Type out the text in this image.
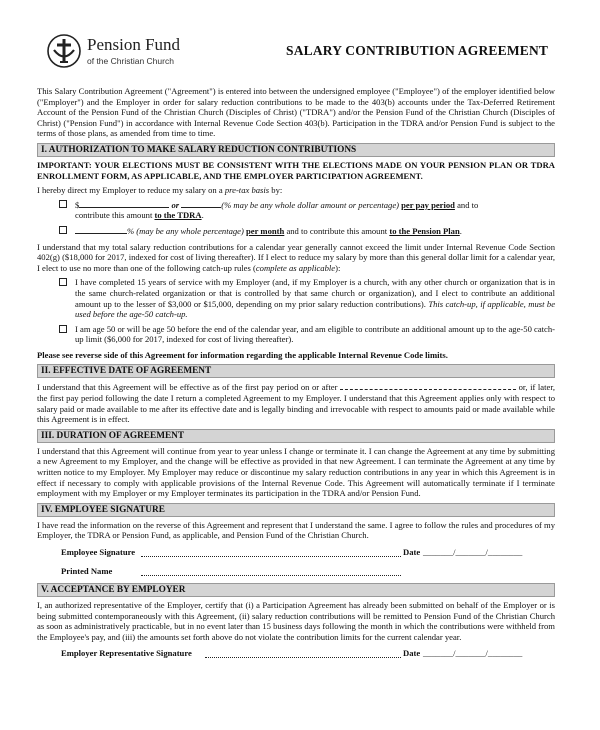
Pension Fund
of the Christian Church
SALARY CONTRIBUTION AGREEMENT

This Salary Contribution Agreement ("Agreement") is entered into between the undersigned employee ("Employee") of the employer identified below ("Employer") and the Employer in order for salary reduction contributions to be made to the 403(b) accounts under the Tax-Deferred Retirement Account of the Pension Fund of the Christian Church (Disciples of Christ) ("TDRA") and/or the Pension Fund of the Christian Church (Disciples of Christ) ("Pension Fund") in accordance with Internal Revenue Code Section 403(b). Participation in the TDRA and/or Pension Fund is subject to the terms of those plans, as amended from time to time.

I. AUTHORIZATION TO MAKE SALARY REDUCTION CONTRIBUTIONS

IMPORTANT: YOUR ELECTIONS MUST BE CONSISTENT WITH THE ELECTIONS MADE ON YOUR PENSION PLAN OR TDRA ENROLLMENT FORM, AS APPLICABLE, AND THE EMPLOYER PARTICIPATION AGREEMENT.

I hereby direct my Employer to reduce my salary on a pre-tax basis by:

$	or	(% may be any whole dollar amount or percentage) per pay period and to
contribute this amount to the TDRA.
% (may be any whole percentage) per month and to contribute this amount to the Pension Plan.

I understand that my total salary reduction contributions for a calendar year generally cannot exceed the limit under Internal Revenue Code Section 402(g) ($18,000 for 2017, indexed for cost of living thereafter). If I elect to reduce my salary by more than this general dollar limit for a calendar year, I elect to use no more than one of the following catch-up rules (complete as applicable):

I have completed 15 years of service with my Employer (and, if my Employer is a church, with any other church or organization that is in the same church-related organization or that is controlled by that same church or organization), and I elect to contribute an additional amount up to the lesser of $3,000 or $15,000, depending on my prior salary reduction contributions). This catch-up, if applicable, must be used before the age-50 catch-up.
I am age 50 or will be age 50 before the end of the calendar year, and am eligible to contribute an additional amount up to the age-50 catch-up limit ($6,000 for 2017, indexed for cost of living thereafter).

Please see reverse side of this Agreement for information regarding the applicable Internal Revenue Code limits.

II. EFFECTIVE DATE OF AGREEMENT

I understand that this Agreement will be effective as of the first pay period on or after	or, if later, the first pay period following the date I return a completed Agreement to my Employer. I understand that this Agreement applies only with respect to salary paid or made available to me after its effective date and is legally binding and irrevocable with respect to amounts paid or made available while this Agreement is in effect.

III. DURATION OF AGREEMENT

I understand that this Agreement will continue from year to year unless I change or terminate it. I can change the Agreement at any time by submitting a new Agreement to my Employer, and the change will be effective as provided in that new Agreement. I can terminate the Agreement at any time by written notice to my Employer. My Employer may reduce or discontinue my salary reduction contributions in any year in which this Agreement is in effect if necessary to comply with applicable provisions of the Internal Revenue Code. This Agreement will automatically terminate if I terminate employment with my Employer or my Employer terminates its participation in the TDRA and/or Pension Fund.

IV. EMPLOYEE SIGNATURE

I have read the information on the reverse of this Agreement and represent that I understand the same. I agree to follow the rules and procedures of my Employer, the TDRA or Pension Fund, as applicable, and Pension Fund of the Christian Church.

Employee Signature	Date _______/_______/________
Printed Name
V. ACCEPTANCE BY EMPLOYER

I, an authorized representative of the Employer, certify that (i) a Participation Agreement has already been submitted on behalf of the Employer or is being submitted contemporaneously with this Agreement, (ii) salary reduction contributions will be remitted to Pension Fund of the Christian Church as soon as administratively practicable, but in no event later than 15 business days following the month in which the contributions were withheld from the Employee's pay, and (iii) the amounts set forth above do not violate the contribution limits for the current calendar year.

Employer Representative Signature	Date _______/_______/________
